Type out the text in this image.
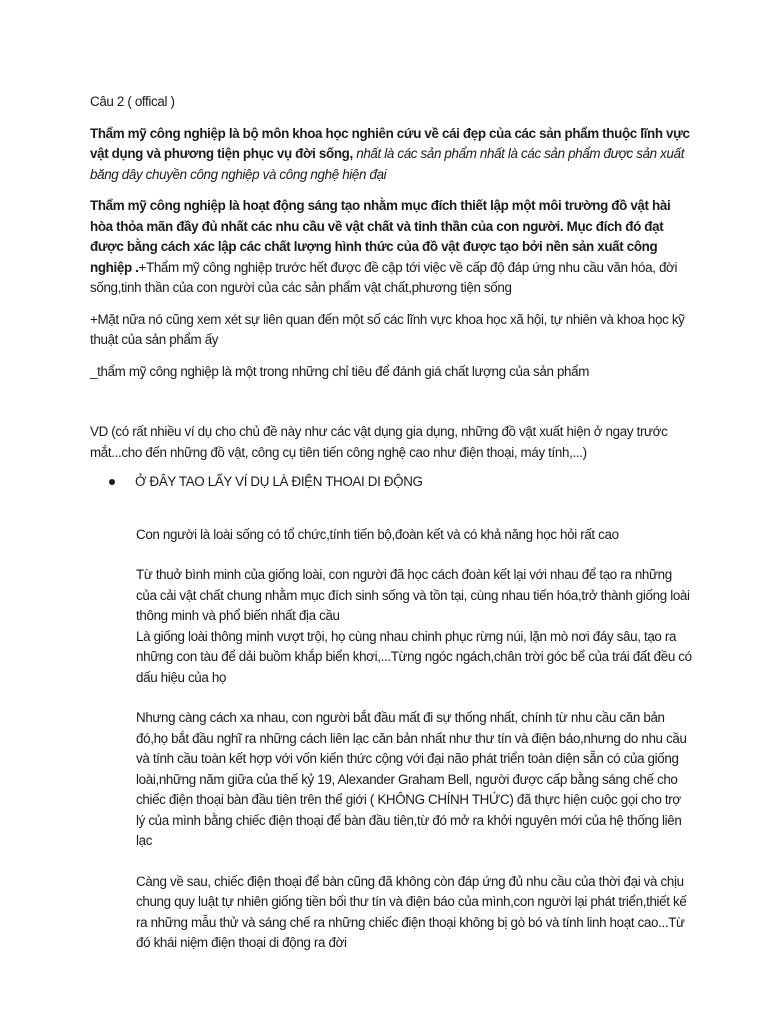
Câu 2 ( offical )

Thẩm mỹ công nghiệp là bộ môn khoa học nghiên cứu về cái đẹp của các sản phẩm thuộc lĩnh vực vật dụng và phương tiện phục vụ đời sống, nhất là các sản phẩm nhất là các sản phẩm được sản xuất băng dây chuyền công nghiệp và công nghệ hiện đại

Thẩm mỹ công nghiệp là hoạt động sáng tạo nhằm mục đích thiết lập một môi trường đồ vật hài hòa thỏa mãn đầy đủ nhất các nhu cầu về vật chất và tinh thần của con người. Mục đích đó đạt được bằng cách xác lập các chất lượng hình thức của đồ vật được tạo bởi nền sản xuất công nghiệp .+Thẩm mỹ công nghiệp trước hết được đề cập tới việc về cấp độ đáp ứng nhu cầu văn hóa, đời sống,tinh thần của con người của các sản phẩm vật chất,phương tiện sống

+Mặt nữa nó cũng xem xét sự liên quan đến một số các lĩnh vực khoa học xã hội, tự nhiên và khoa học kỹ thuật của sản phẩm ấy

_thẩm mỹ công nghiệp là một trong những chỉ tiêu để đánh giá chất lượng của sản phẩm

VD (có rất nhiều ví dụ cho chủ đề này như các vật dụng gia dụng, những đồ vật xuất hiện ở ngay trước mắt...cho đến những đồ vật, công cụ tiên tiến công nghệ cao như điện thoại, máy tính,...)

Ở ĐÂY TAO LẤY VÍ DỤ LÀ ĐIỆN THOAI DI ĐỘNG

Con người là loài sống có tổ chức,tính tiến bộ,đoàn kết và có khả năng học hỏi rất cao

Từ thuở bình minh của giống loài, con người đã học cách đoàn kết lại với nhau để tạo ra những của cải vật chất chung nhằm mục đích sinh sống và tồn tại, cùng nhau tiến hóa,trở thành giống loài thông minh và phổ biến nhất địa cầu

Là giống loài thông minh vượt trội, họ cùng nhau chinh phục rừng núi, lặn mò nơi đáy sâu, tạo ra những con tàu để dải buồm khắp biển khơi,...Từng ngóc ngách,chân trời góc bể của trái đất đều có dấu hiệu của họ

Nhưng càng cách xa nhau, con người bắt đầu mất đi sự thống nhất, chính từ nhu cầu căn bản đó,họ bắt đầu nghĩ ra những cách liên lạc căn bản nhất như thư tín và điện báo,nhưng do nhu cầu và tính cầu toàn kết hợp với vốn kiến thức cộng với đại não phát triển toàn diện sẵn có của giống loài,những năm giữa của thế kỷ 19, Alexander Graham Bell, người được cấp bằng sáng chế cho chiếc điện thoại bàn đầu tiên trên thế giới ( KHÔNG CHÍNH THỨC) đã thực hiện cuộc gọi cho trợ lý của mình bằng chiếc điện thoại để bàn đầu tiên,từ đó mở ra khởi nguyên mới của hệ thống liên lạc

Càng về sau, chiếc điện thoại để bàn cũng đã không còn đáp ứng đủ nhu cầu của thời đại và chịu chung quy luật tự nhiên giống tiền bối thư tín và điện báo của mình,con người lại phát triển,thiết kế ra những mẫu thử và sáng chế ra những chiếc điện thoại không bị gò bó và tính linh hoạt cao...Từ đó khái niệm điện thoại di động ra đời
